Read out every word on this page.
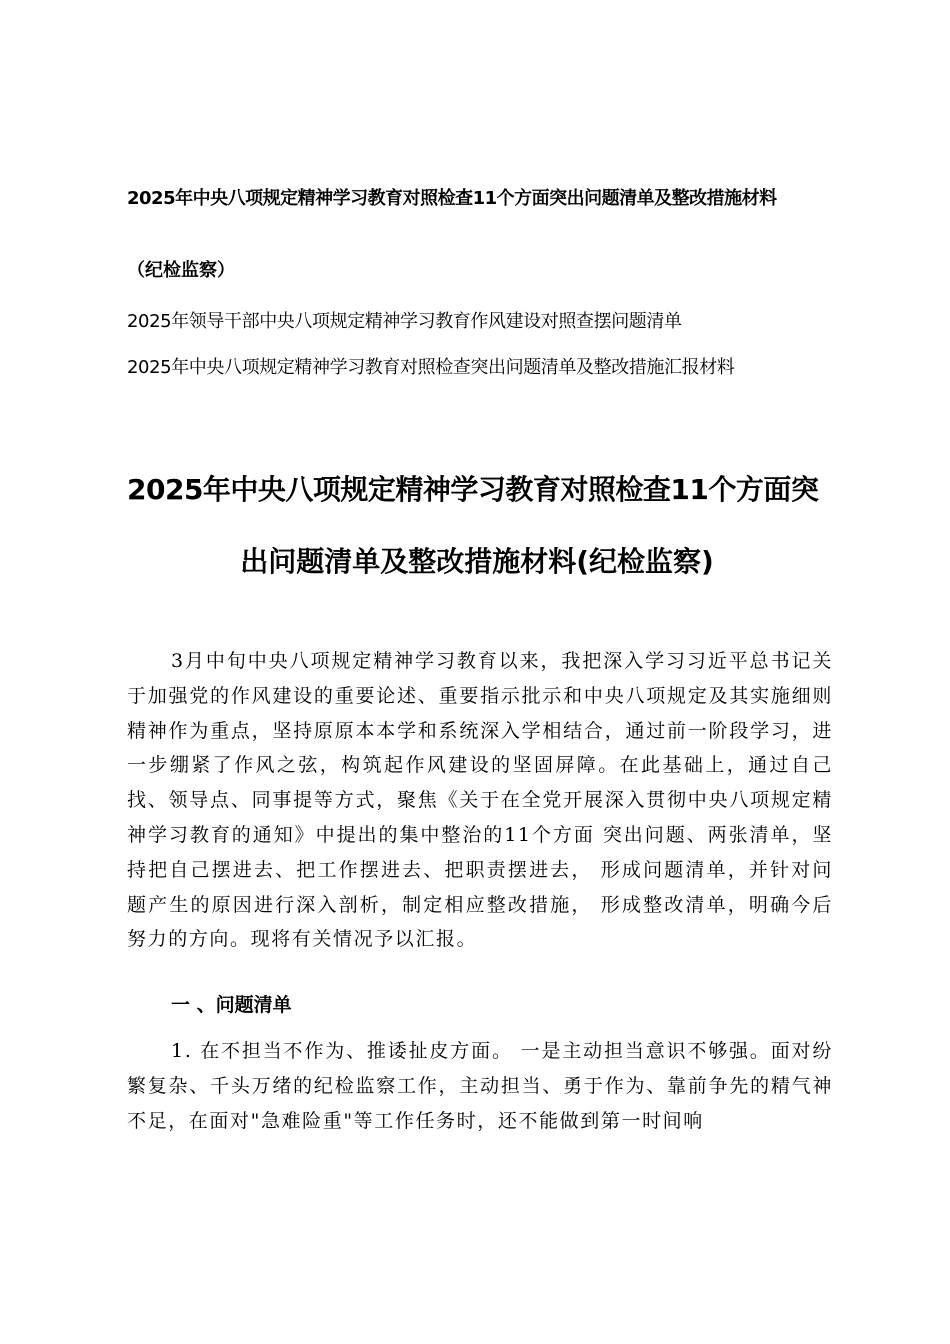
2025年中央八项规定精神学习教育对照检查11个方面突出问题清单及整改措施材料
（纪检监察）
2025年领导干部中央八项规定精神学习教育作风建设对照查摆问题清单
2025年中央八项规定精神学习教育对照检查突出问题清单及整改措施汇报材料
2025年中央八项规定精神学习教育对照检查11个方面突
出问题清单及整改措施材料(纪检监察)
3月中旬中央八项规定精神学习教育以来，我把深入学习习近平总书记关于加强党的作风建设的重要论述、重要指示批示和中央八项规定及其实施细则精神作为重点，坚持原原本本学和系统深入学相结合，通过前一阶段学习，进一步绷紧了作风之弦，构筑起作风建设的坚固屏障。在此基础上，通过自己找、领导点、同事提等方式，聚焦《关于在全党开展深入贯彻中央八项规定精神学习教育的通知》中提出的集中整治的11个方面 突出问题、两张清单，坚持把自己摆进去、把工作摆进去、把职责摆进去， 形成问题清单，并针对问题产生的原因进行深入剖析，制定相应整改措施， 形成整改清单，明确今后努力的方向。现将有关情况予以汇报。
一 、问题清单
1. 在不担当不作为、推诿扯皮方面。 一是主动担当意识不够强。面对纷繁复杂、千头万绪的纪检监察工作，主动担当、勇于作为、靠前争先的精气神不足，在面对"急难险重"等工作任务时，还不能做到第一时间响
